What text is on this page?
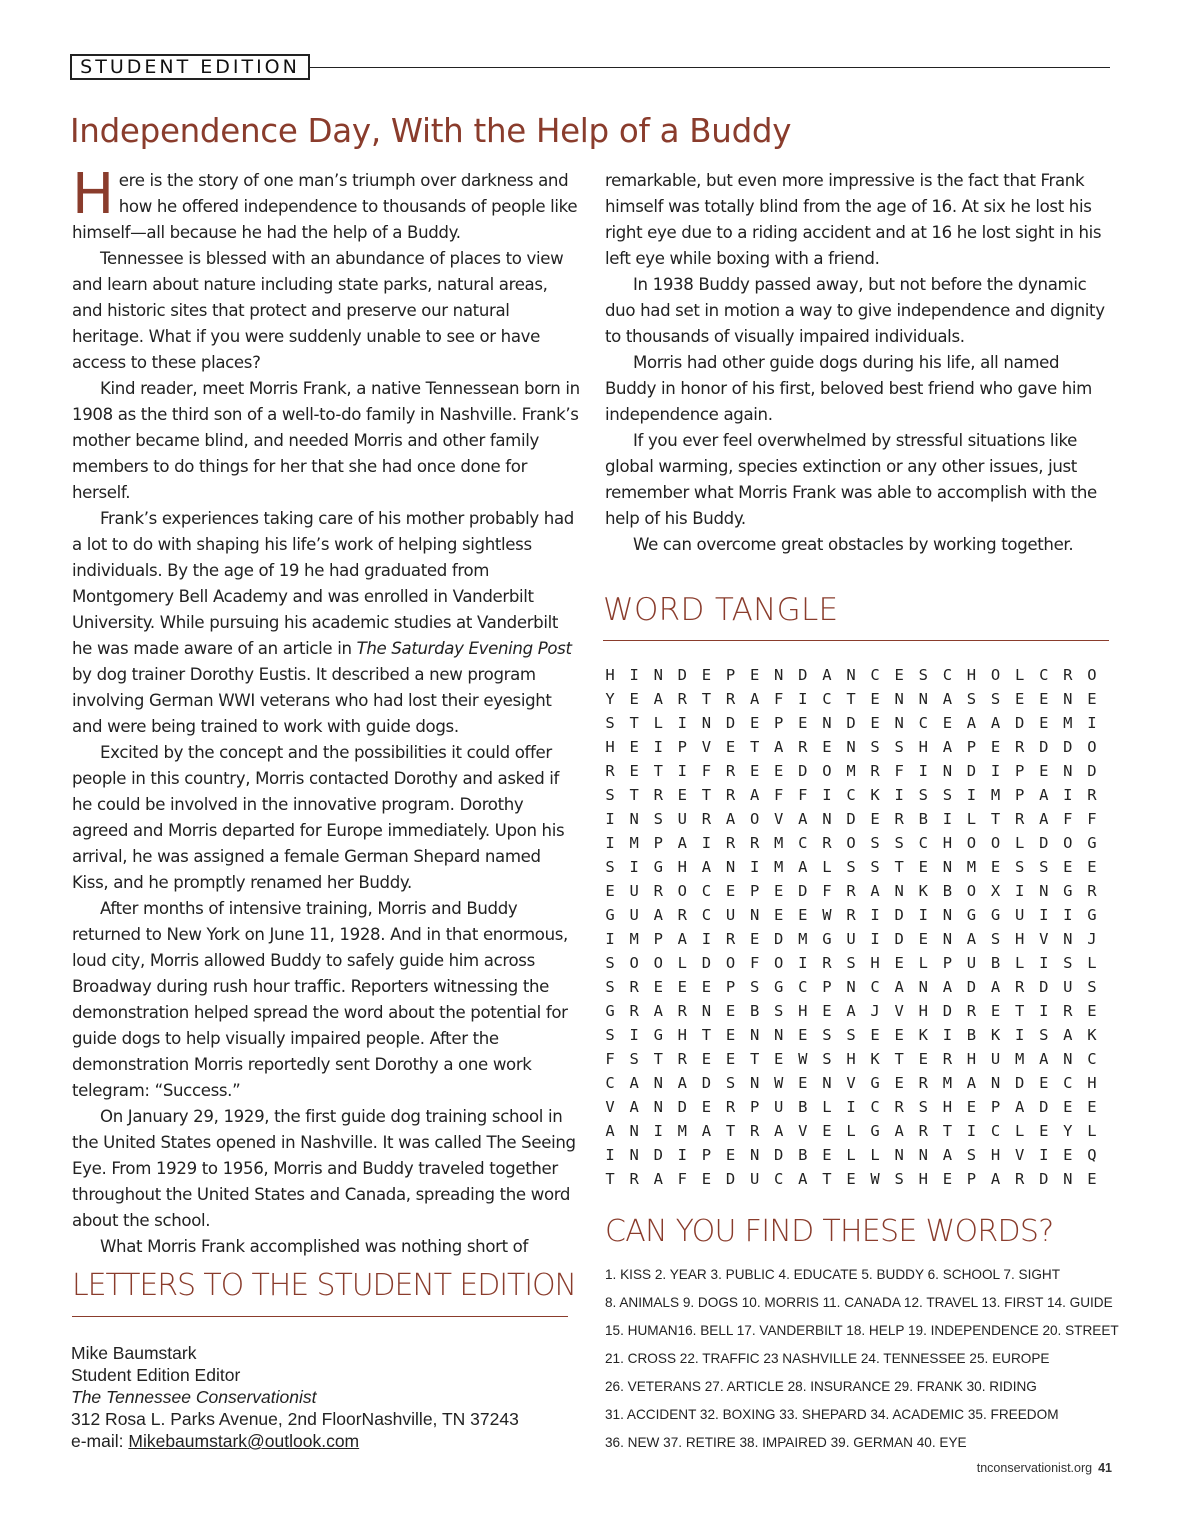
STUDENT EDITION
Independence Day, With the Help of a Buddy

Here is the story of one man’s triumph over darkness and how he offered independence to thousands of people like himself—all because he had the help of a Buddy.

Tennessee is blessed with an abundance of places to view and learn about nature including state parks, natural areas, and historic sites that protect and preserve our natural heritage. What if you were suddenly unable to see or have access to these places?

Kind reader, meet Morris Frank, a native Tennessean born in 1908 as the third son of a well-to-do family in Nashville. Frank’s mother became blind, and needed Morris and other family members to do things for her that she had once done for herself.

Frank’s experiences taking care of his mother probably had a lot to do with shaping his life’s work of helping sightless individuals. By the age of 19 he had graduated from Montgomery Bell Academy and was enrolled in Vanderbilt University. While pursuing his academic studies at Vanderbilt he was made aware of an article in The Saturday Evening Post by dog trainer Dorothy Eustis. It described a new program involving German WWI veterans who had lost their eyesight and were being trained to work with guide dogs.

Excited by the concept and the possibilities it could offer people in this country, Morris contacted Dorothy and asked if he could be involved in the innovative program. Dorothy agreed and Morris departed for Europe immediately. Upon his arrival, he was assigned a female German Shepard named Kiss, and he promptly renamed her Buddy.

After months of intensive training, Morris and Buddy returned to New York on June 11, 1928. And in that enormous, loud city, Morris allowed Buddy to safely guide him across Broadway during rush hour traffic. Reporters witnessing the demonstration helped spread the word about the potential for guide dogs to help visually impaired people. After the demonstration Morris reportedly sent Dorothy a one work telegram: “Success.”

On January 29, 1929, the first guide dog training school in the United States opened in Nashville. It was called The Seeing Eye. From 1929 to 1956, Morris and Buddy traveled together throughout the United States and Canada, spreading the word about the school.

What Morris Frank accomplished was nothing short of

remarkable, but even more impressive is the fact that Frank himself was totally blind from the age of 16. At six he lost his right eye due to a riding accident and at 16 he lost sight in his left eye while boxing with a friend.

In 1938 Buddy passed away, but not before the dynamic duo had set in motion a way to give independence and dignity to thousands of visually impaired individuals.

Morris had other guide dogs during his life, all named Buddy in honor of his first, beloved best friend who gave him independence again.

If you ever feel overwhelmed by stressful situations like global warming, species extinction or any other issues, just remember what Morris Frank was able to accomplish with the help of his Buddy.

We can overcome great obstacles by working together.

LETTERS TO THE STUDENT EDITION
Mike Baumstark
Student Edition Editor
The Tennessee Conservationist
312 Rosa L. Parks Avenue, 2nd FloorNashville, TN 37243
e-mail: Mikebaumstark@outlook.com
WORD TANGLE
H I N D E P E N D A N C E S C H O L C R O
Y E A R T R A F I C T E N N A S S E E N E
S T L I N D E P E N D E N C E A A D E M I
H E I P V E T A R E N S S H A P E R D D O
R E T I F R E E D O M R F I N D I P E N D
S T R E T R A F F I C K I S S I M P A I R
I N S U R A O V A N D E R B I L T R A F F
I M P A I R R M C R O S S C H O O L D O G
S I G H A N I M A L S S T E N M E S S E E
E U R O C E P E D F R A N K B O X I N G R
G U A R C U N E E W R I D I N G G U I I G
I M P A I R E D M G U I D E N A S H V N J
S O O L D O F O I R S H E L P U B L I S L
S R E E E P S G C P N C A N A D A R D U S
G R A R N E B S H E A J V H D R E T I R E
S I G H T E N N E S S E E K I B K I S A K
F S T R E E T E W S H K T E R H U M A N C
C A N A D S N W E N V G E R M A N D E C H
V A N D E R P U B L I C R S H E P A D E E
A N I M A T R A V E L G A R T I C L E Y L
I N D I P E N D B E L L N N A S H V I E Q
T R A F E D U C A T E W S H E P A R D N E
CAN YOU FIND THESE WORDS?
1. KISS 2. YEAR 3. PUBLIC 4. EDUCATE 5. BUDDY 6. SCHOOL 7. SIGHT
8. ANIMALS 9. DOGS 10. MORRIS 11. CANADA 12. TRAVEL 13. FIRST 14. GUIDE
15. HUMAN16. BELL 17. VANDERBILT 18. HELP 19. INDEPENDENCE 20. STREET
21. CROSS 22. TRAFFIC 23 NASHVILLE 24. TENNESSEE 25. EUROPE
26. VETERANS 27. ARTICLE 28. INSURANCE 29. FRANK 30. RIDING
31. ACCIDENT 32. BOXING 33. SHEPARD 34. ACADEMIC 35. FREEDOM
36. NEW 37. RETIRE 38. IMPAIRED 39. GERMAN 40. EYE
tnconservationist.org 41
